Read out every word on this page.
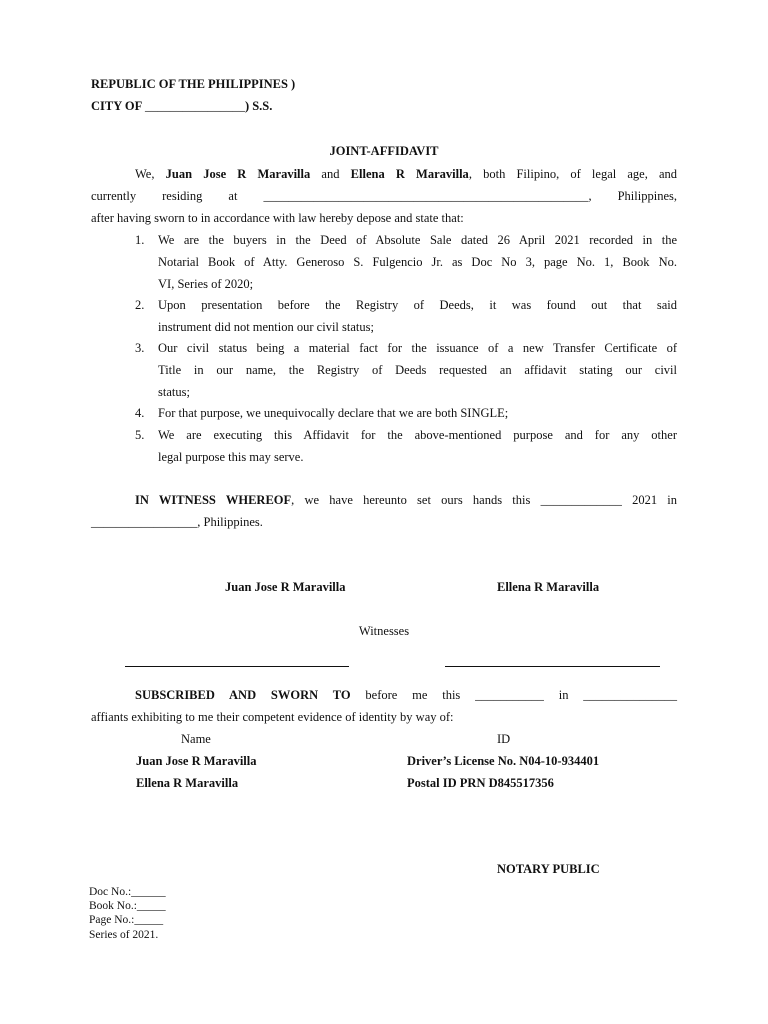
REPUBLIC OF THE PHILIPPINES )
CITY OF ________________) S.S.
JOINT-AFFIDAVIT
We, Juan Jose R Maravilla and Ellena R Maravilla, both Filipino, of legal age, and
currently residing at ____________________________________________________, Philippines,
after having sworn to in accordance with law hereby depose and state that:
1. We are the buyers in the Deed of Absolute Sale dated 26 April 2021 recorded in the
Notarial Book of Atty. Generoso S. Fulgencio Jr. as Doc No 3, page No. 1, Book No.
VI, Series of 2020;
2. Upon presentation before the Registry of Deeds, it was found out that said
instrument did not mention our civil status;
3. Our civil status being a material fact for the issuance of a new Transfer Certificate of
Title in our name, the Registry of Deeds requested an affidavit stating our civil
status;
4. For that purpose, we unequivocally declare that we are both SINGLE;
5. We are executing this Affidavit for the above-mentioned purpose and for any other
legal purpose this may serve.
IN WITNESS WHEREOF, we have hereunto set ours hands this _____________ 2021 in
_________________, Philippines.
Juan Jose R Maravilla	Ellena R Maravilla
Witnesses
SUBSCRIBED AND SWORN TO before me this ___________ in _______________
affiants exhibiting to me their competent evidence of identity by way of:
Name	ID
Juan Jose R Maravilla	Driver’s License No. N04-10-934401
Ellena R Maravilla	Postal ID PRN D845517356
NOTARY PUBLIC
Doc No.:______
Book No.:_____
Page No.:_____
Series of 2021.
